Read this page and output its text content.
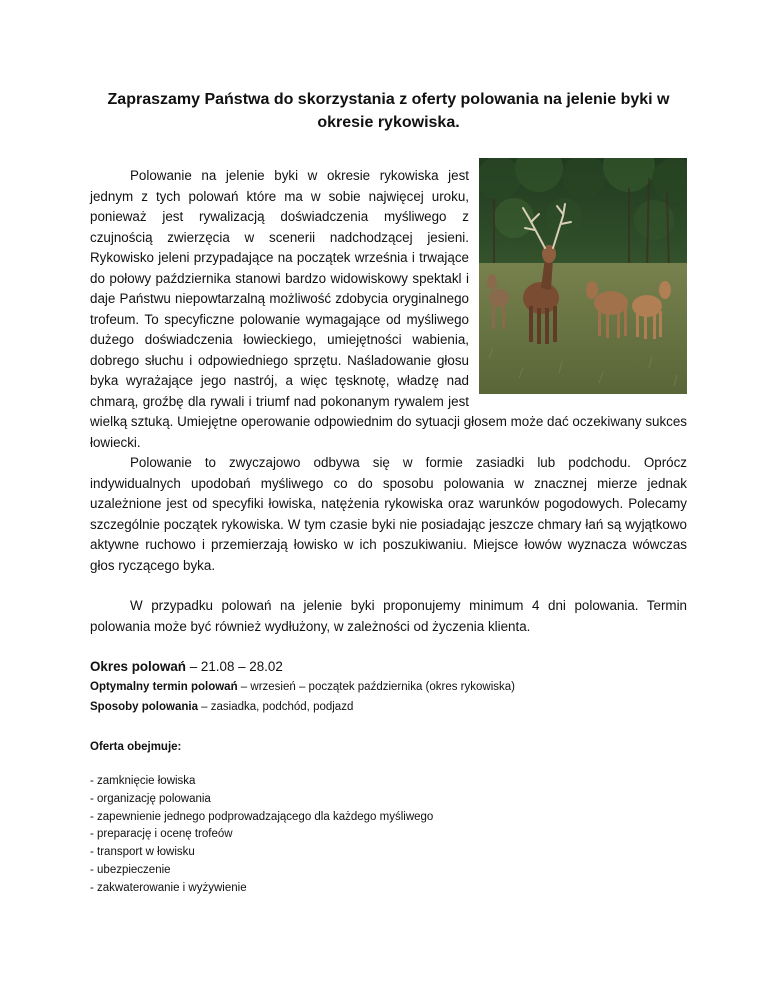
Zapraszamy Państwa do skorzystania z oferty polowania na jelenie byki w okresie rykowiska.

Polowanie na jelenie byki w okresie rykowiska jest jednym z tych polowań które ma w sobie najwięcej uroku, ponieważ jest rywalizacją doświadczenia myśliwego z czujnością zwierzęcia w scenerii nadchodzącej jesieni. Rykowisko jeleni przypadające na początek września i trwające do połowy października stanowi bardzo widowiskowy spektakl i daje Państwu niepowtarzalną możliwość zdobycia oryginalnego trofeum. To specyficzne polowanie wymagające od myśliwego dużego doświadczenia łowieckiego, umiejętności wabienia, dobrego słuchu i odpowiedniego sprzętu. Naśladowanie głosu byka wyrażające jego nastrój, a więc tęsknotę, władzę nad chmarą, groźbę dla rywali i triumf nad pokonanym rywalem jest wielką sztuką. Umiejętne operowanie odpowiednim do sytuacji głosem może dać oczekiwany sukces łowiecki.

Polowanie to zwyczajowo odbywa się w formie zasiadki lub podchodu. Oprócz indywidualnych upodobań myśliwego co do sposobu polowania w znacznej mierze jednak uzależnione jest od specyfiki łowiska, natężenia rykowiska oraz warunków pogodowych. Polecamy szczególnie początek rykowiska. W tym czasie byki nie posiadając jeszcze chmary łań są wyjątkowo aktywne ruchowo i przemierzają łowisko w ich poszukiwaniu. Miejsce łowów wyznacza wówczas głos ryczącego byka.

W przypadku polowań na jelenie byki proponujemy minimum 4 dni polowania. Termin polowania może być również wydłużony, w zależności od życzenia klienta.

Okres polowań – 21.08 – 28.02
Optymalny termin polowań – wrzesień – początek października (okres rykowiska)
Sposoby polowania – zasiadka, podchód, podjazd
Oferta obejmuje:
- zamknięcie łowiska
- organizację polowania
- zapewnienie jednego podprowadzającego dla każdego myśliwego
- preparację i ocenę trofeów
- transport w łowisku
- ubezpieczenie
- zakwaterowanie i wyżywienie
